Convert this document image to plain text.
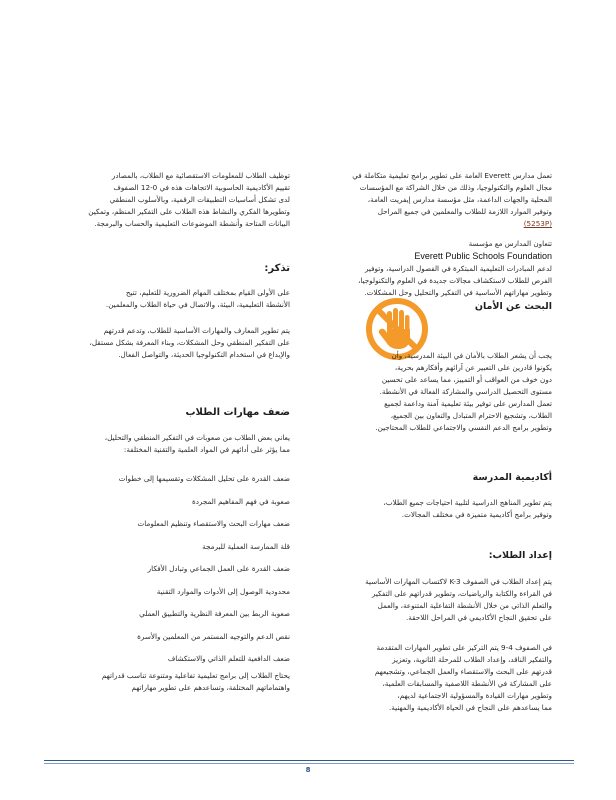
توظيف الطلاب للمعلومات الاستقصائية مع الطلاب، بالمصادر
تقييم الأكاديمية الحاسوبية الاتجاهات هذه في 0-12 الصفوف
لدى تشكل أساسيات التطبيقات الرقمية، وبالأسلوب المنطقي
وتطويرها الفكري والنشاط هذه الطلاب على التفكير المنظم، وتمكين
البيانات المتاحة وأنشطة الموضوعات التعليمية والحساب والبرمجة.
تذكر:
على الأولى القيام بمختلف المهام الضرورية للتعليم، تتيح
الأنشطة التعليمية، البيئة، والاتصال في حياة الطلاب والمعلمين.
يتم تطوير المعارف والمهارات الأساسية للطلاب، وتدعم قدرتهم
على التفكير المنطقي وحل المشكلات، وبناء المعرفة بشكل مستقل،
والإبداع في استخدام التكنولوجيا الحديثة، والتواصل الفعال.
ضعف مهارات الطلاب
يعاني بعض الطلاب من صعوبات في التفكير المنطقي والتحليل،
مما يؤثر على أدائهم في المواد العلمية والتقنية المختلفة:
ضعف القدرة على تحليل المشكلات وتقسيمها إلى خطوات
صعوبة في فهم المفاهيم المجردة
ضعف مهارات البحث والاستقصاء وتنظيم المعلومات
قلة الممارسة العملية للبرمجة
ضعف القدرة على العمل الجماعي وتبادل الأفكار
محدودية الوصول إلى الأدوات والموارد التقنية
صعوبة الربط بين المعرفة النظرية والتطبيق العملي
نقص الدعم والتوجيه المستمر من المعلمين والأسرة
ضعف الدافعية للتعلم الذاتي والاستكشاف
يحتاج الطلاب إلى برامج تعليمية تفاعلية ومتنوعة تناسب قدراتهم
واهتماماتهم المختلفة، وتساعدهم على تطوير مهاراتهم
تعمل مدارس Everett العامة على تطوير برامج تعليمية متكاملة في
مجال العلوم والتكنولوجيا، وذلك من خلال الشراكة مع المؤسسات
المحلية والجهات الداعمة، مثل مؤسسة مدارس إيفريت العامة،
وتوفير الموارد اللازمة للطلاب والمعلمين في جميع المراحل
(5253P)
تتعاون المدارس مع مؤسسة
Everett Public Schools Foundation
لدعم المبادرات التعليمية المبتكرة في الفصول الدراسية، وتوفير
الفرص للطلاب لاستكشاف مجالات جديدة في العلوم والتكنولوجيا،
وتطوير مهاراتهم الأساسية في التفكير والتحليل وحل المشكلات.
البحث عن الأمان
يجب أن يشعر الطلاب بالأمان في البيئة المدرسية، وأن
يكونوا قادرين على التعبير عن آرائهم وأفكارهم بحرية،
دون خوف من العواقب أو التمييز، مما يساعد على تحسين
مستوى التحصيل الدراسي والمشاركة الفعالة في الأنشطة.
تعمل المدارس على توفير بيئة تعليمية آمنة وداعمة لجميع
الطلاب، وتشجيع الاحترام المتبادل والتعاون بين الجميع،
وتطوير برامج الدعم النفسي والاجتماعي للطلاب المحتاجين.
أكاديمية المدرسة
يتم تطوير المناهج الدراسية لتلبية احتياجات جميع الطلاب،
وتوفير برامج أكاديمية متميزة في مختلف المجالات.
إعداد الطلاب:
يتم إعداد الطلاب في الصفوف K-3 لاكتساب المهارات الأساسية
في القراءة والكتابة والرياضيات، وتطوير قدراتهم على التفكير
والتعلم الذاتي من خلال الأنشطة التفاعلية المتنوعة، والعمل
على تحقيق النجاح الأكاديمي في المراحل اللاحقة.
في الصفوف 4-9 يتم التركيز على تطوير المهارات المتقدمة
والتفكير الناقد، وإعداد الطلاب للمرحلة الثانوية، وتعزيز
قدرتهم على البحث والاستقصاء والعمل الجماعي، وتشجيعهم
على المشاركة في الأنشطة اللاصفية والمسابقات العلمية،
وتطوير مهارات القيادة والمسؤولية الاجتماعية لديهم،
مما يساعدهم على النجاح في الحياة الأكاديمية والمهنية.
8
